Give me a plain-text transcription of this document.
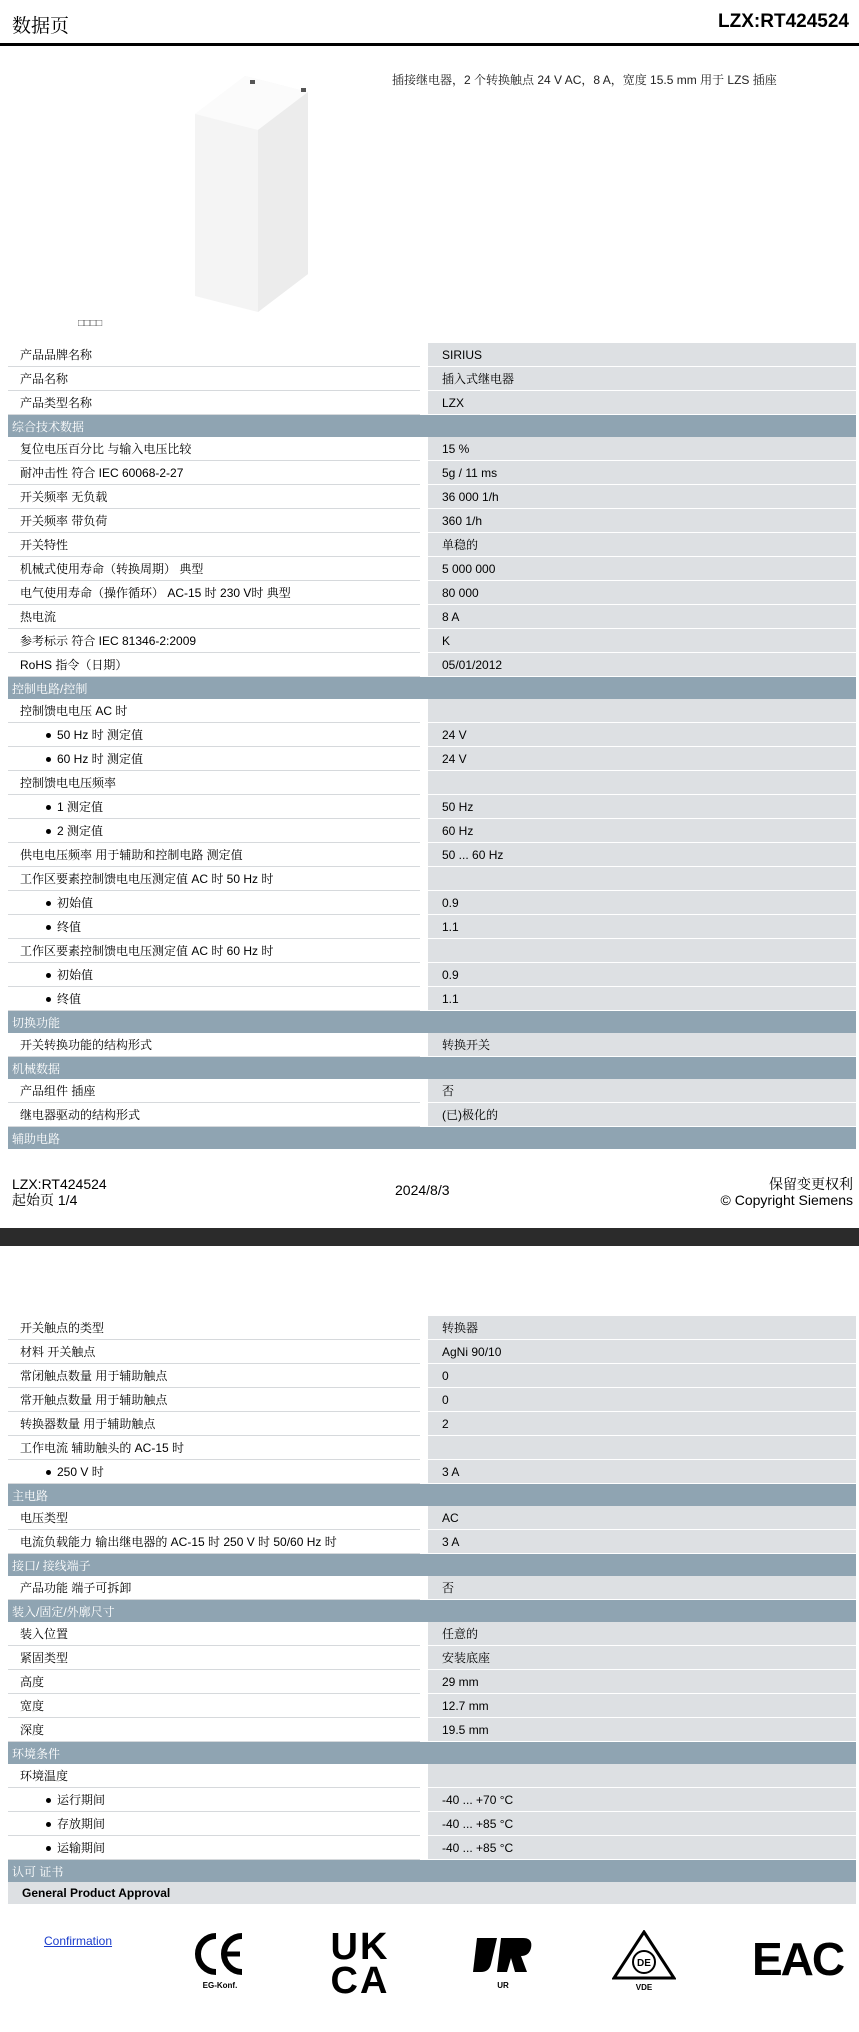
数据页	LZX:RT424524
□□□□
插接继电器，2 个转换触点 24 V AC，8 A，宽度 15.5 mm 用于 LZS 插座
产品品牌名称		SIRIUS
产品名称		插入式继电器
产品类型名称		LZX
综合技术数据		
复位电压百分比 与输入电压比较		15 %
耐冲击性 符合 IEC 60068-2-27		5g / 11 ms
开关频率 无负载		36 000 1/h
开关频率 带负荷		360 1/h
开关特性		单稳的
机械式使用寿命（转换周期） 典型		5 000 000
电气使用寿命（操作循环） AC-15 时 230 V时 典型		80 000
热电流		8 A
参考标示 符合 IEC 81346-2:2009		K
RoHS 指令（日期）		05/01/2012
控制电路/控制		
控制馈电电压 AC 时		
50 Hz 时 测定值		24 V
60 Hz 时 测定值		24 V
控制馈电电压频率		
1 测定值		50 Hz
2 测定值		60 Hz
供电电压频率 用于辅助和控制电路 测定值		50 ... 60 Hz
工作区要素控制馈电电压测定值 AC 时 50 Hz 时		
初始值		0.9
终值		1.1
工作区要素控制馈电电压测定值 AC 时 60 Hz 时		
初始值		0.9
终值		1.1
切换功能		
开关转换功能的结构形式		转换开关
机械数据		
产品组件 插座		否
继电器驱动的结构形式		(已)极化的
辅助电路		
LZX:RT424524
起始页 1/4
2024/8/3	保留变更权利
© Copyright Siemens
开关触点的类型		转换器
材料 开关触点		AgNi 90/10
常闭触点数量 用于辅助触点		0
常开触点数量 用于辅助触点		0
转换器数量 用于辅助触点		2
工作电流 辅助触头的 AC-15 时		
250 V 时		3 A
主电路		
电压类型		AC
电流负载能力 输出继电器的 AC-15 时 250 V 时 50/60 Hz 时		3 A
接口/ 接线端子		
产品功能 端子可拆卸		否
装入/固定/外廓尺寸		
装入位置		任意的
紧固类型		安装底座
高度		29 mm
宽度		12.7 mm
深度		19.5 mm
环境条件		
环境温度		
运行期间		-40 ... +70 °C
存放期间		-40 ... +85 °C
运输期间		-40 ... +85 °C
认可 证书		
General Product Approval		
Confirmation
EG-Konf.
UK
CA	UR
DE
VDE
EAC
